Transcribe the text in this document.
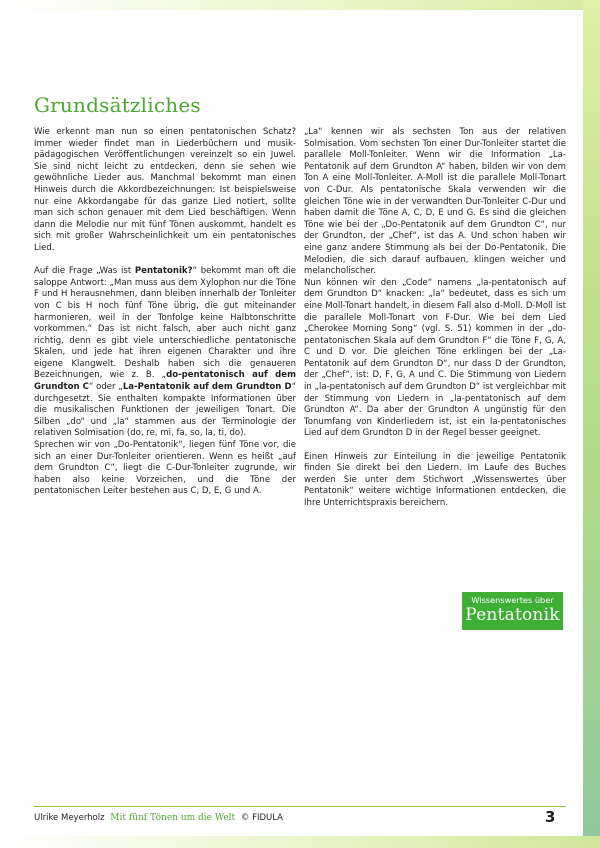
Grundsätzliches

Wie erkennt man nun so einen pentatonischen Schatz? Immer wieder findet man in Liederbüchern und musik-pädagogischen Veröffentlichungen vereinzelt so ein Juwel. Sie sind nicht leicht zu entdecken, denn sie sehen wie gewöhnliche Lieder aus. Manchmal bekommt man einen Hinweis durch die Akkordbezeichnungen: Ist beispielsweise nur eine Akkordangabe für das ganze Lied notiert, sollte man sich schon genauer mit dem Lied beschäftigen. Wenn dann die Melodie nur mit fünf Tönen auskommt, handelt es sich mit großer Wahrscheinlichkeit um ein pentatonisches Lied.

Auf die Frage „Was ist Pentatonik?“ bekommt man oft die saloppe Antwort: „Man muss aus dem Xylophon nur die Töne F und H herausnehmen, dann bleiben innerhalb der Tonleiter von C bis H noch fünf Töne übrig, die gut miteinander harmonieren, weil in der Tonfolge keine Halbtonschritte vorkommen.“ Das ist nicht falsch, aber auch nicht ganz richtig, denn es gibt viele unterschiedliche pentatonische Skalen, und jede hat ihren eigenen Charakter und ihre eigene Klangwelt. Deshalb haben sich die genaueren Bezeichnungen, wie z. B. „do-pentatonisch auf dem Grundton C“ oder „La-Pentatonik auf dem Grundton D“ durchgesetzt. Sie enthalten kompakte Informationen über die musikalischen Funktionen der jeweiligen Tonart. Die Silben „do“ und „la“ stammen aus der Terminologie der relativen Solmisation (do, re, mi, fa, so, la, ti, do).

Sprechen wir von „Do-Pentatonik“, liegen fünf Töne vor, die sich an einer Dur-Tonleiter orientieren. Wenn es heißt „auf dem Grundton C“, liegt die C-Dur-Tonleiter zugrunde, wir haben also keine Vorzeichen, und die Töne der pentatonischen Leiter bestehen aus C, D, E, G und A.

„La“ kennen wir als sechsten Ton aus der relativen Solmisation. Vom sechsten Ton einer Dur-Tonleiter startet die parallele Moll-Tonleiter. Wenn wir die Information „La-Pentatonik auf dem Grundton A“ haben, bilden wir von dem Ton A eine Moll-Tonleiter. A-Moll ist die parallele Moll-Tonart von C-Dur. Als pentatonische Skala verwenden wir die gleichen Töne wie in der verwandten Dur-Tonleiter C-Dur und haben damit die Töne A, C, D, E und G. Es sind die gleichen Töne wie bei der „Do-Pentatonik auf dem Grundton C“, nur der Grundton, der „Chef“, ist das A. Und schon haben wir eine ganz andere Stimmung als bei der Do-Pentatonik. Die Melodien, die sich darauf aufbauen, klingen weicher und melancholischer.

Nun können wir den „Code“ namens „la-pentatonisch auf dem Grundton D“ knacken: „la“ bedeutet, dass es sich um eine Moll-Tonart handelt, in diesem Fall also d-Moll. D-Moll ist die parallele Moll-Tonart von F-Dur. Wie bei dem Lied „Cherokee Morning Song“ (vgl. S. 51) kommen in der „do-pentatonischen Skala auf dem Grundton F“ die Töne F, G, A, C und D vor. Die gleichen Töne erklingen bei der „La-Pentatonik auf dem Grundton D“, nur dass D der Grundton, der „Chef“, ist: D, F, G, A und C. Die Stimmung von Liedern in „la-pentatonisch auf dem Grundton D“ ist vergleichbar mit der Stimmung von Liedern in „la-pentatonisch auf dem Grundton A“. Da aber der Grundton A ungünstig für den Tonumfang von Kinderliedern ist, ist ein la-pentatonisches Lied auf dem Grundton D in der Regel besser geeignet.

Einen Hinweis zur Einteilung in die jeweilige Pentatonik finden Sie direkt bei den Liedern. Im Laufe des Buches werden Sie unter dem Stichwort „Wissenswertes über Pentatonik“ weitere wichtige Informationen entdecken, die Ihre Unterrichtspraxis bereichern.

Wissenswertes über
Pentatonik
Ulrike Meyerholz Mit fünf Tönen um die Welt © FIDULA	3
